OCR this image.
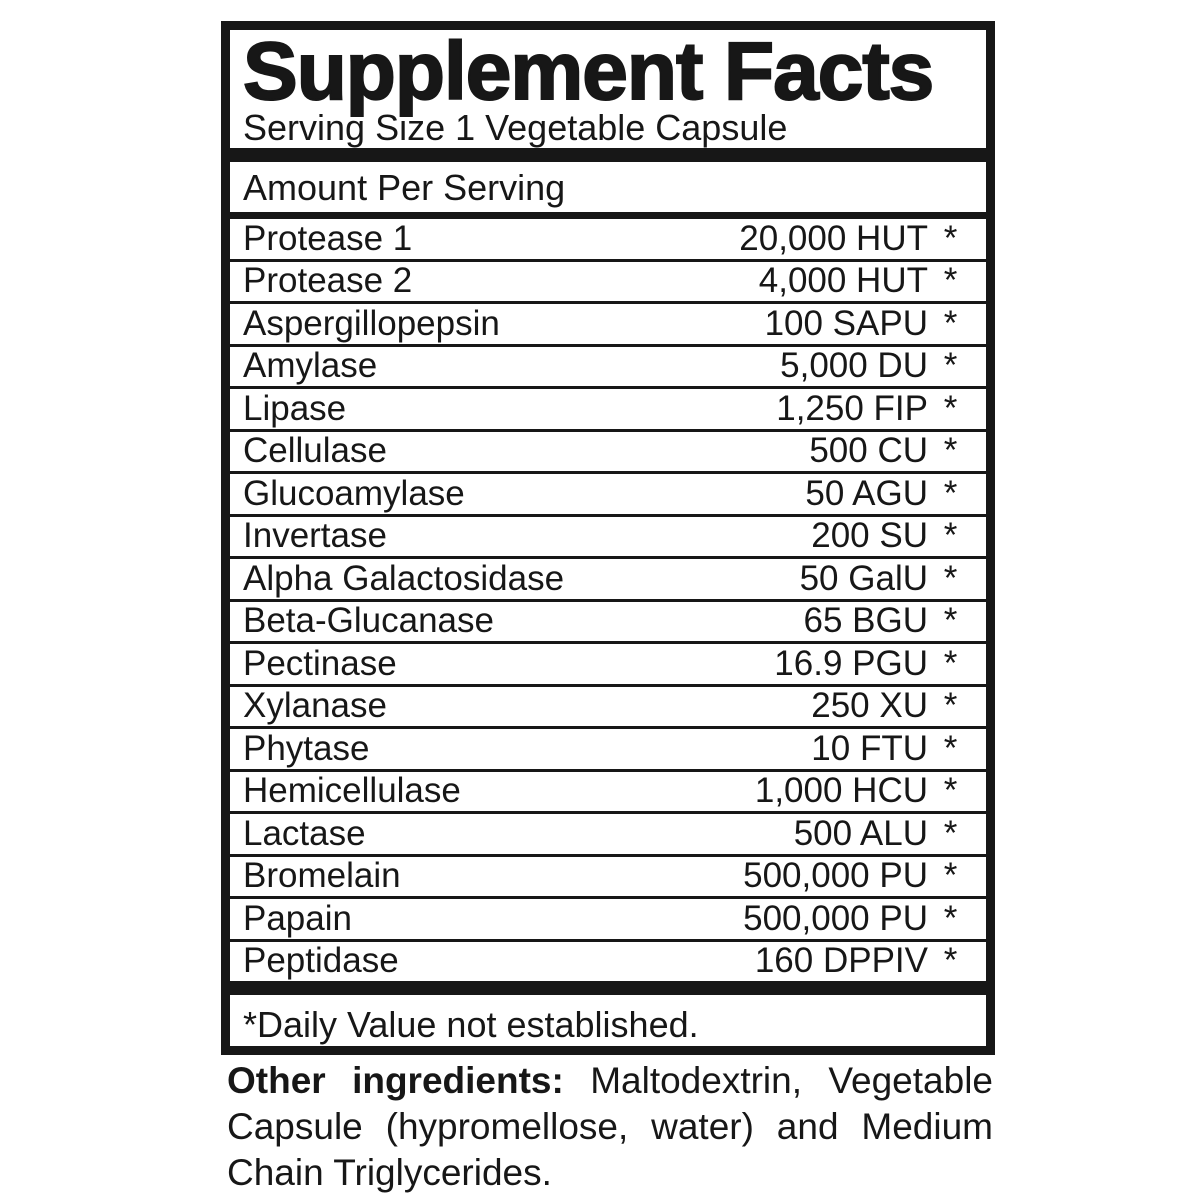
Supplement Facts
Serving Size 1 Vegetable Capsule
Amount Per Serving
Protease 1	20,000 HUT *
Protease 2	4,000 HUT *
Aspergillopepsin	100 SAPU *
Amylase	5,000 DU *
Lipase	1,250 FIP *
Cellulase	500 CU *
Glucoamylase	50 AGU *
Invertase	200 SU *
Alpha Galactosidase	50 GalU *
Beta-Glucanase	65 BGU *
Pectinase	16.9 PGU *
Xylanase	250 XU *
Phytase	10 FTU *
Hemicellulase	1,000 HCU *
Lactase	500 ALU *
Bromelain	500,000 PU *
Papain	500,000 PU *
Peptidase	160 DPPIV *
*Daily Value not established.

Other ingredients: Maltodextrin, Vegetable Capsule (hypromellose, water) and Medium Chain Triglycerides.
